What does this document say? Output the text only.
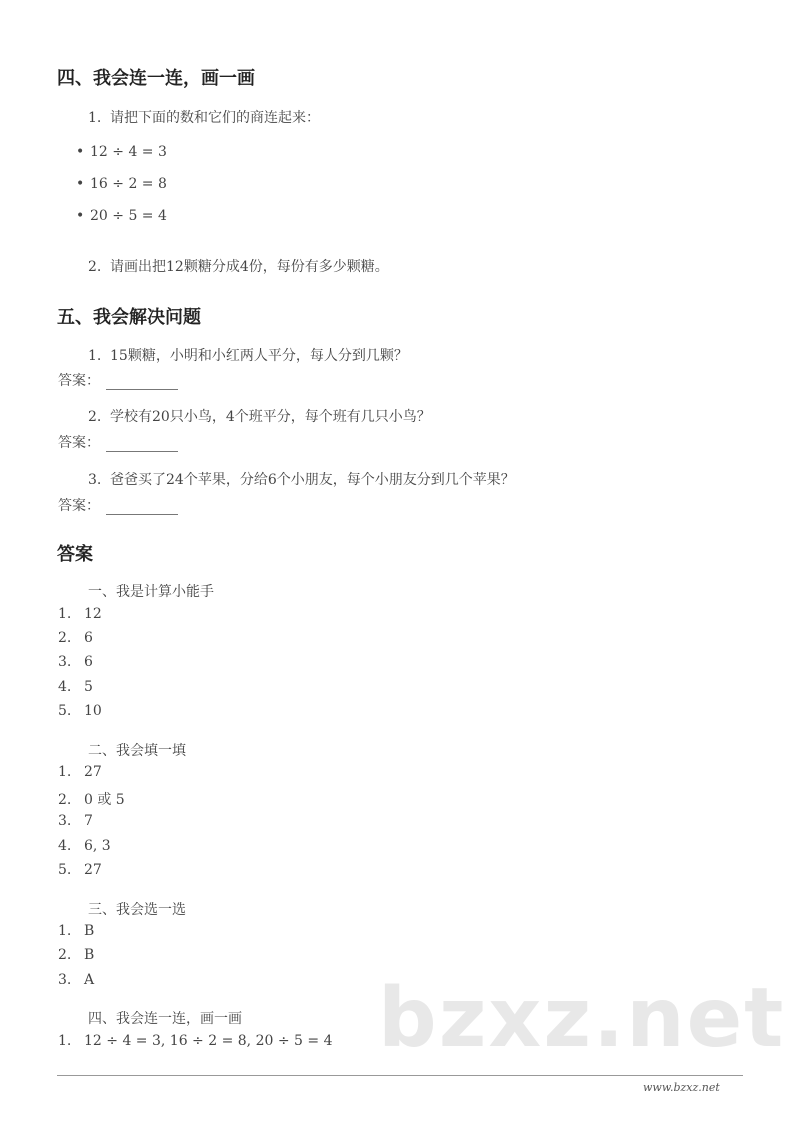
四、我会连一连，画一画
1. 请把下面的数和它们的商连起来：
• 12 ÷ 4 = 3
• 16 ÷ 2 = 8
• 20 ÷ 5 = 4
2. 请画出把12颗糖分成4份，每份有多少颗糖。
五、我会解决问题
1. 15颗糖，小明和小红两人平分，每人分到几颗？
答案：
2. 学校有20只小鸟，4个班平分，每个班有几只小鸟？
答案：
3. 爸爸买了24个苹果，分给6个小朋友，每个小朋友分到几个苹果？
答案：
答案
一、我是计算小能手
1. 12
2. 6
3. 6
4. 5
5. 10
二、我会填一填
1. 27
2. 0 或 5
3. 7
4. 6, 3
5. 27
三、我会选一选
1. B
2. B
3. A	bzxz.net
四、我会连一连，画一画
1. 12 ÷ 4 = 3, 16 ÷ 2 = 8, 20 ÷ 5 = 4
www.bzxz.net
